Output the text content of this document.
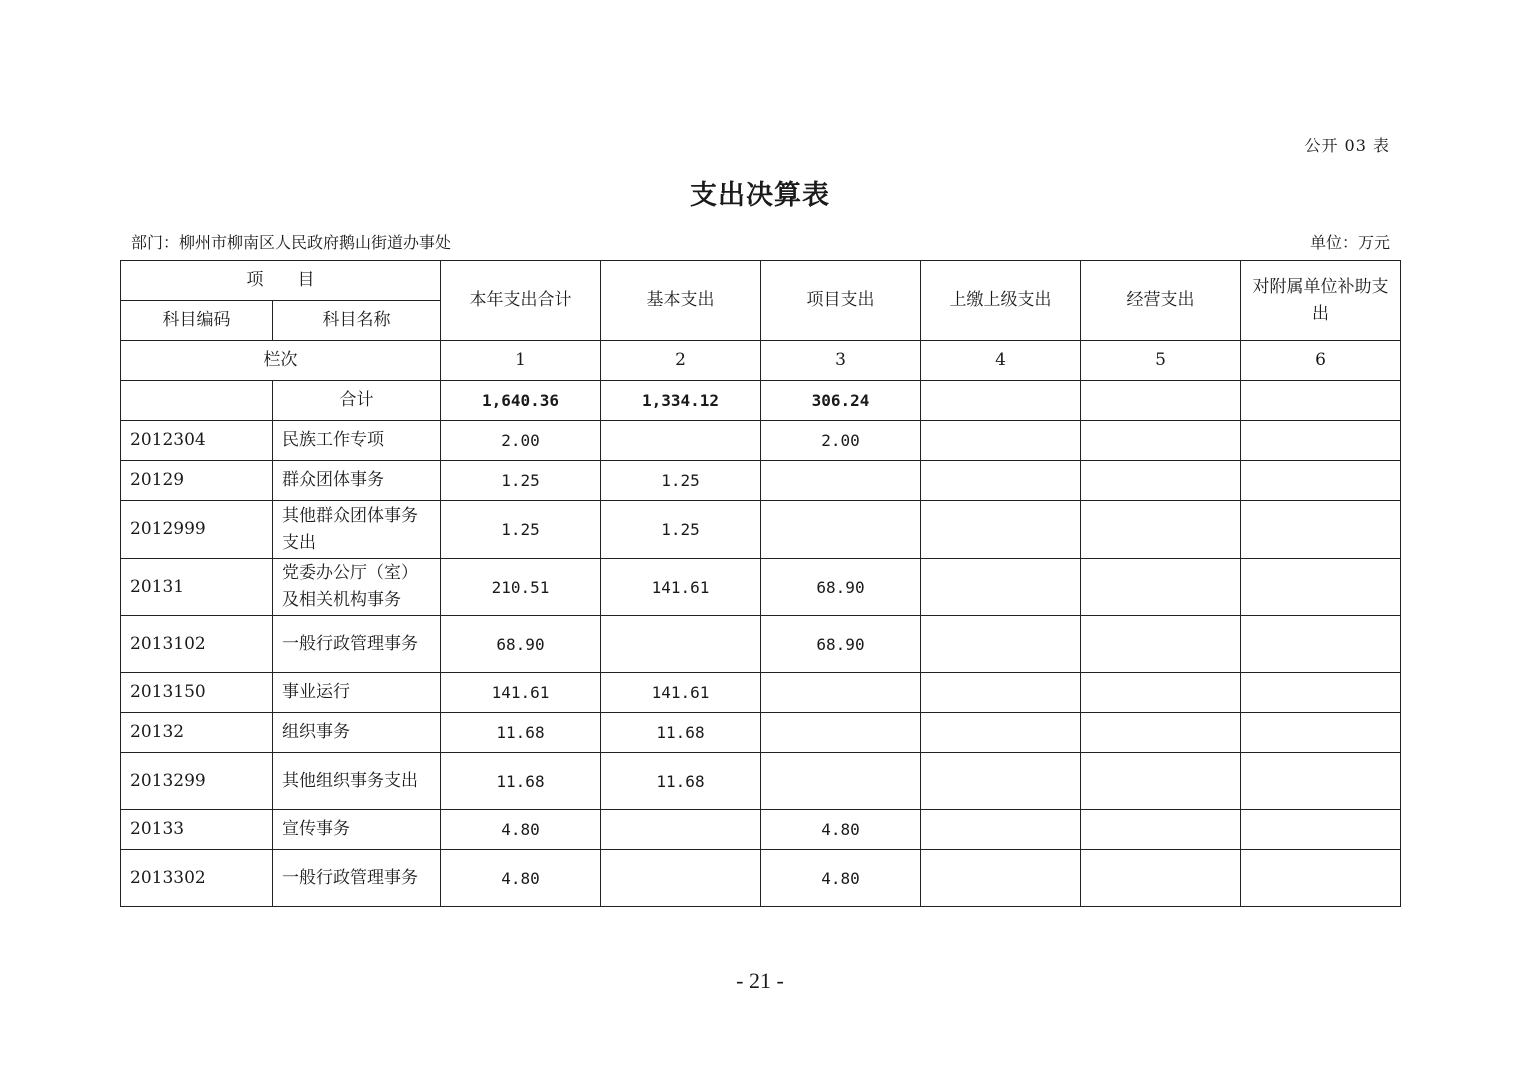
公开 03 表
支出决算表
部门：柳州市柳南区人民政府鹅山街道办事处	单位：万元
项　　目		本年支出合计	基本支出	项目支出	上缴上级支出	经营支出	对附属单位补助支出
科目编码	科目名称						
栏次		1	2	3	4	5	6
	合计	1,640.36	1,334.12	306.24			
2012304	民族工作专项	2.00		2.00			
20129	群众团体事务	1.25	1.25				
2012999	其他群众团体事务支出	1.25	1.25				
20131	党委办公厅（室）及相关机构事务	210.51	141.61	68.90			
2013102	一般行政管理事务	68.90		68.90			
2013150	事业运行	141.61	141.61				
20132	组织事务	11.68	11.68				
2013299	其他组织事务支出	11.68	11.68				
20133	宣传事务	4.80		4.80			
2013302	一般行政管理事务	4.80		4.80			
- 21 -
